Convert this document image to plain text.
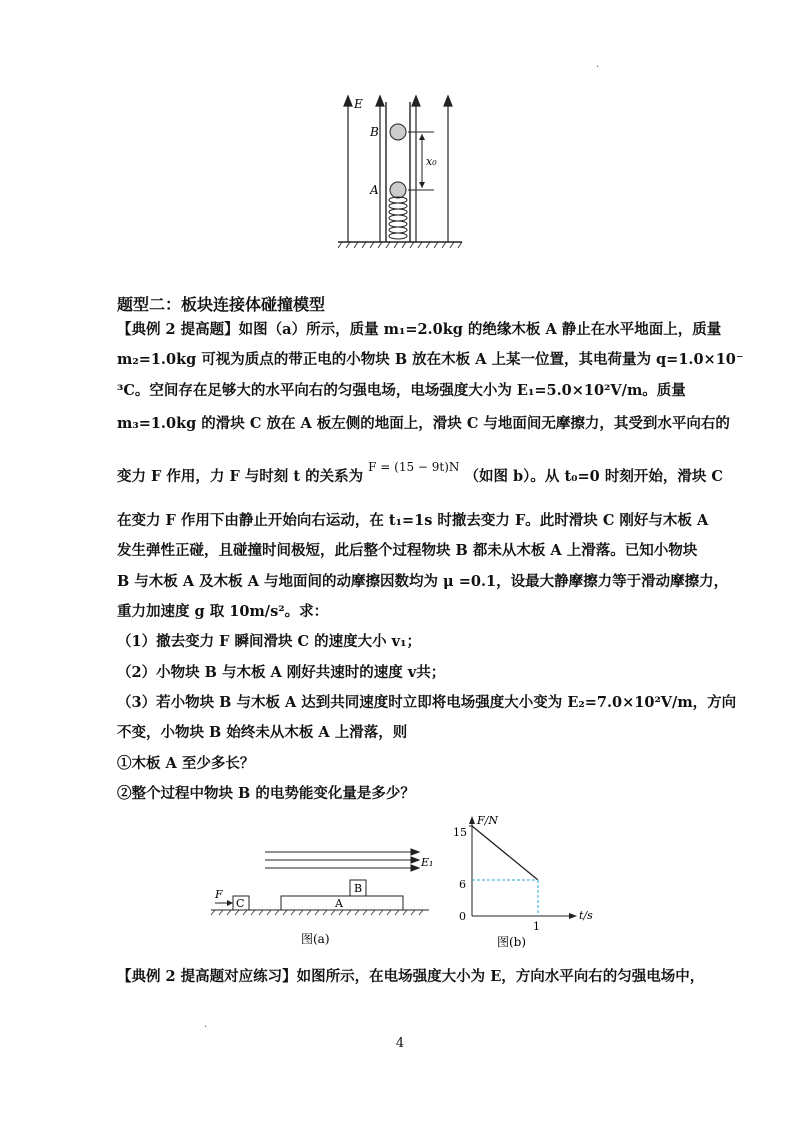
E
B
A
x₀
题型二：板块连接体碰撞模型
【典例 2 提高题】如图（a）所示，质量 m₁=2.0kg 的绝缘木板 A 静止在水平地面上，质量
m₂=1.0kg 可视为质点的带正电的小物块 B 放在木板 A 上某一位置，其电荷量为 q=1.0×10⁻
³C。空间存在足够大的水平向右的匀强电场，电场强度大小为 E₁=5.0×10²V/m。质量
m₃=1.0kg 的滑块 C 放在 A 板左侧的地面上，滑块 C 与地面间无摩擦力，其受到水平向右的
变力 F 作用，力 F 与时刻 t 的关系为 $^{F = (15 - 9t)N}$ （如图 b）。从 t₀=0 时刻开始，滑块 C
在变力 F 作用下由静止开始向右运动，在 t₁=1s 时撤去变力 F。此时滑块 C 刚好与木板 A
发生弹性正碰，且碰撞时间极短，此后整个过程物块 B 都未从木板 A 上滑落。已知小物块
B 与木板 A 及木板 A 与地面间的动摩擦因数均为 μ =0.1，设最大静摩擦力等于滑动摩擦力，
重力加速度 g 取 10m/s²。求：
（1）撤去变力 F 瞬间滑块 C 的速度大小 v₁；
（2）小物块 B 与木板 A 刚好共速时的速度 v共；
（3）若小物块 B 与木板 A 达到共同速度时立即将电场强度大小变为 E₂=7.0×10²V/m，方向
不变，小物块 B 始终未从木板 A 上滑落，则
①木板 A 至少多长？
②整个过程中物块 B 的电势能变化量是多少？
E₁
A
B
C
F
图(a)
F/N
t/s
15
6
0
1
图(b)
【典例 2 提高题对应练习】如图所示，在电场强度大小为 E，方向水平向右的匀强电场中，
4
·
·
